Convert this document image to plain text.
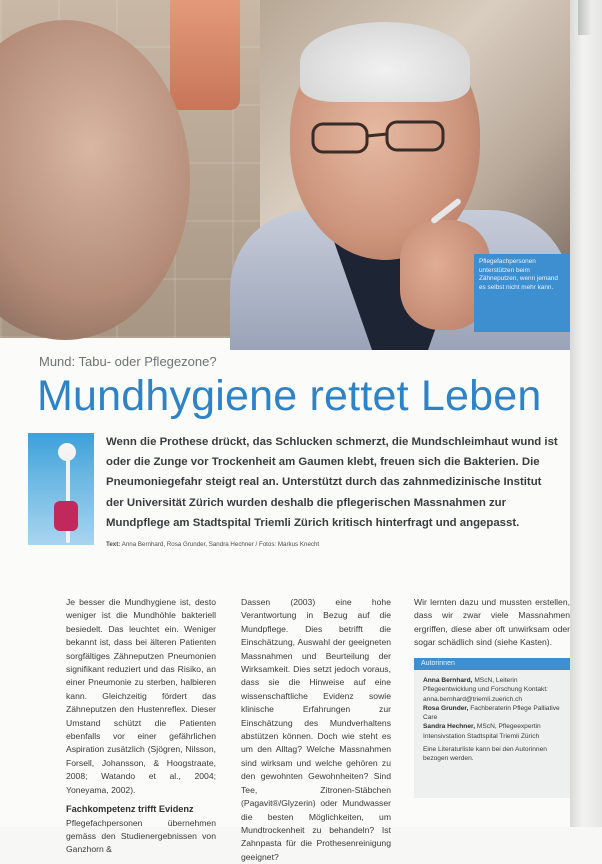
Pflegefachpersonen unterstützen beim Zähneputzen, wenn jemand es selbst nicht mehr kann.
Mund: Tabu- oder Pflegezone?
Mundhygiene rettet Leben
Wenn die Prothese drückt, das Schlucken schmerzt, die Mundschleimhaut wund ist oder die Zunge vor Trockenheit am Gaumen klebt, freuen sich die Bakterien. Die Pneumoniegefahr steigt real an. Unterstützt durch das zahnmedizinische Institut der Universität Zürich wurden deshalb die pflegerischen Massnahmen zur Mundpflege am Stadtspital Triemli Zürich kritisch hinterfragt und angepasst.
Text: Anna Bernhard, Rosa Grunder, Sandra Hechner / Fotos: Markus Knecht

Je besser die Mundhygiene ist, desto weniger ist die Mundhöhle bakteriell besiedelt. Das leuchtet ein. Weniger bekannt ist, dass bei älteren Patienten sorgfältiges Zähneputzen Pneumonien signifikant reduziert und das Risiko, an einer Pneumonie zu sterben, halbieren kann. Gleichzeitig fördert das Zähneputzen den Hustenreflex. Dieser Umstand schützt die Patienten ebenfalls vor einer gefährlichen Aspiration zusätzlich (Sjögren, Nilsson, Forsell, Johansson, & Hoogstraate, 2008; Watando et al., 2004; Yoneyama, 2002).

Fachkompetenz trifft Evidenz

Pflegefachpersonen übernehmen gemäss den Studienergebnissen von Ganzhorn &

Dassen (2003) eine hohe Verantwortung in Bezug auf die Mundpflege. Dies betrifft die Einschätzung, Auswahl der geeigneten Massnahmen und Beurteilung der Wirksamkeit. Dies setzt jedoch voraus, dass sie die Hinweise auf eine wissenschaftliche Evidenz sowie klinische Erfahrungen zur Einschätzung des Mundverhaltens abstützen können. Doch wie steht es um den Alltag? Welche Massnahmen sind wirksam und welche gehören zu den gewohnten Gewohnheiten? Sind Tee, Zitronen-Stäbchen (Pagavit®/Glyzerin) oder Mundwasser die besten Möglichkeiten, um Mundtrockenheit zu behandeln? Ist Zahnpasta für die Prothesenreinigung geeignet?

Wir lernten dazu und mussten erstellen, dass wir zwar viele Massnahmen ergriffen, diese aber oft unwirksam oder sogar schädlich sind (siehe Kasten).

Autorinnen

Anna Bernhard, MScN, Leiterin Pflegeentwicklung und Forschung Kontakt: anna.bernhard@triemli.zuerich.ch

Rosa Grunder, Fachberaterin Pflege Palliative Care

Sandra Hechner, MScN, Pflegeexpertin Intensivstation Stadtspital Triemli Zürich

Eine Literaturliste kann bei den Autorinnen bezogen werden.
